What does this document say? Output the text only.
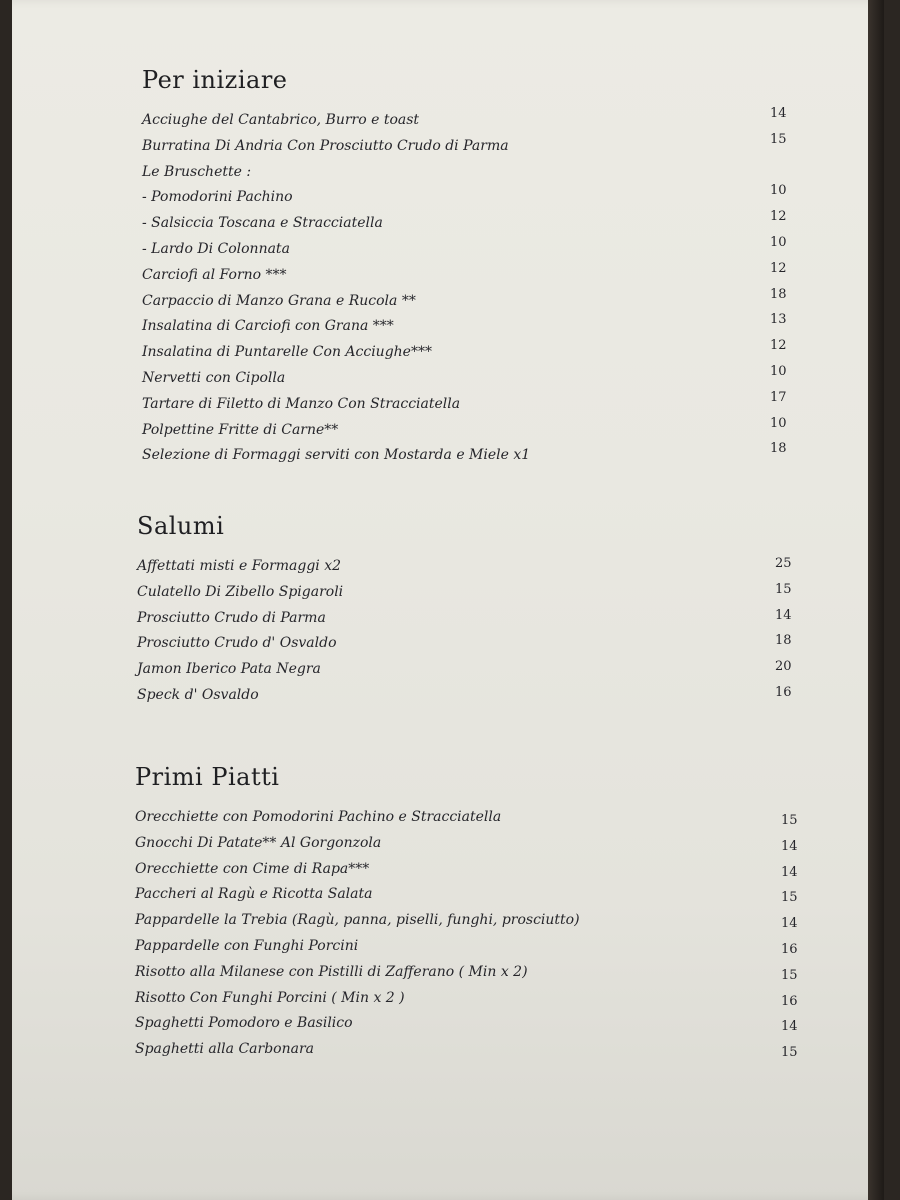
Per iniziare
Acciughe del Cantabrico, Burro e toast	14
Burratina Di Andria Con Prosciutto Crudo di Parma	15
Le Bruschette :
- Pomodorini Pachino	10
- Salsiccia Toscana e Stracciatella	12
- Lardo Di Colonnata	10
Carciofi al Forno ***	12
Carpaccio di Manzo Grana e Rucola **	18
Insalatina di Carciofi con Grana ***	13
Insalatina di Puntarelle Con Acciughe***	12
Nervetti con Cipolla	10
Tartare di Filetto di Manzo Con Stracciatella	17
Polpettine Fritte di Carne**	10
Selezione di Formaggi serviti con Mostarda e Miele x1	18
Salumi
Affettati misti e Formaggi x2	25
Culatello Di Zibello Spigaroli	15
Prosciutto Crudo di Parma	14
Prosciutto Crudo d' Osvaldo	18
Jamon Iberico Pata Negra	20
Speck d' Osvaldo	16
Primi Piatti
Orecchiette con Pomodorini Pachino e Stracciatella	15
Gnocchi Di Patate** Al Gorgonzola	14
Orecchiette con Cime di Rapa***	14
Paccheri al Ragù e Ricotta Salata	15
Pappardelle la Trebia (Ragù, panna, piselli, funghi, prosciutto)	14
Pappardelle con Funghi Porcini	16
Risotto alla Milanese con Pistilli di Zafferano ( Min x 2)	15
Risotto Con Funghi Porcini ( Min x 2 )	16
Spaghetti Pomodoro e Basilico	14
Spaghetti alla Carbonara	15
